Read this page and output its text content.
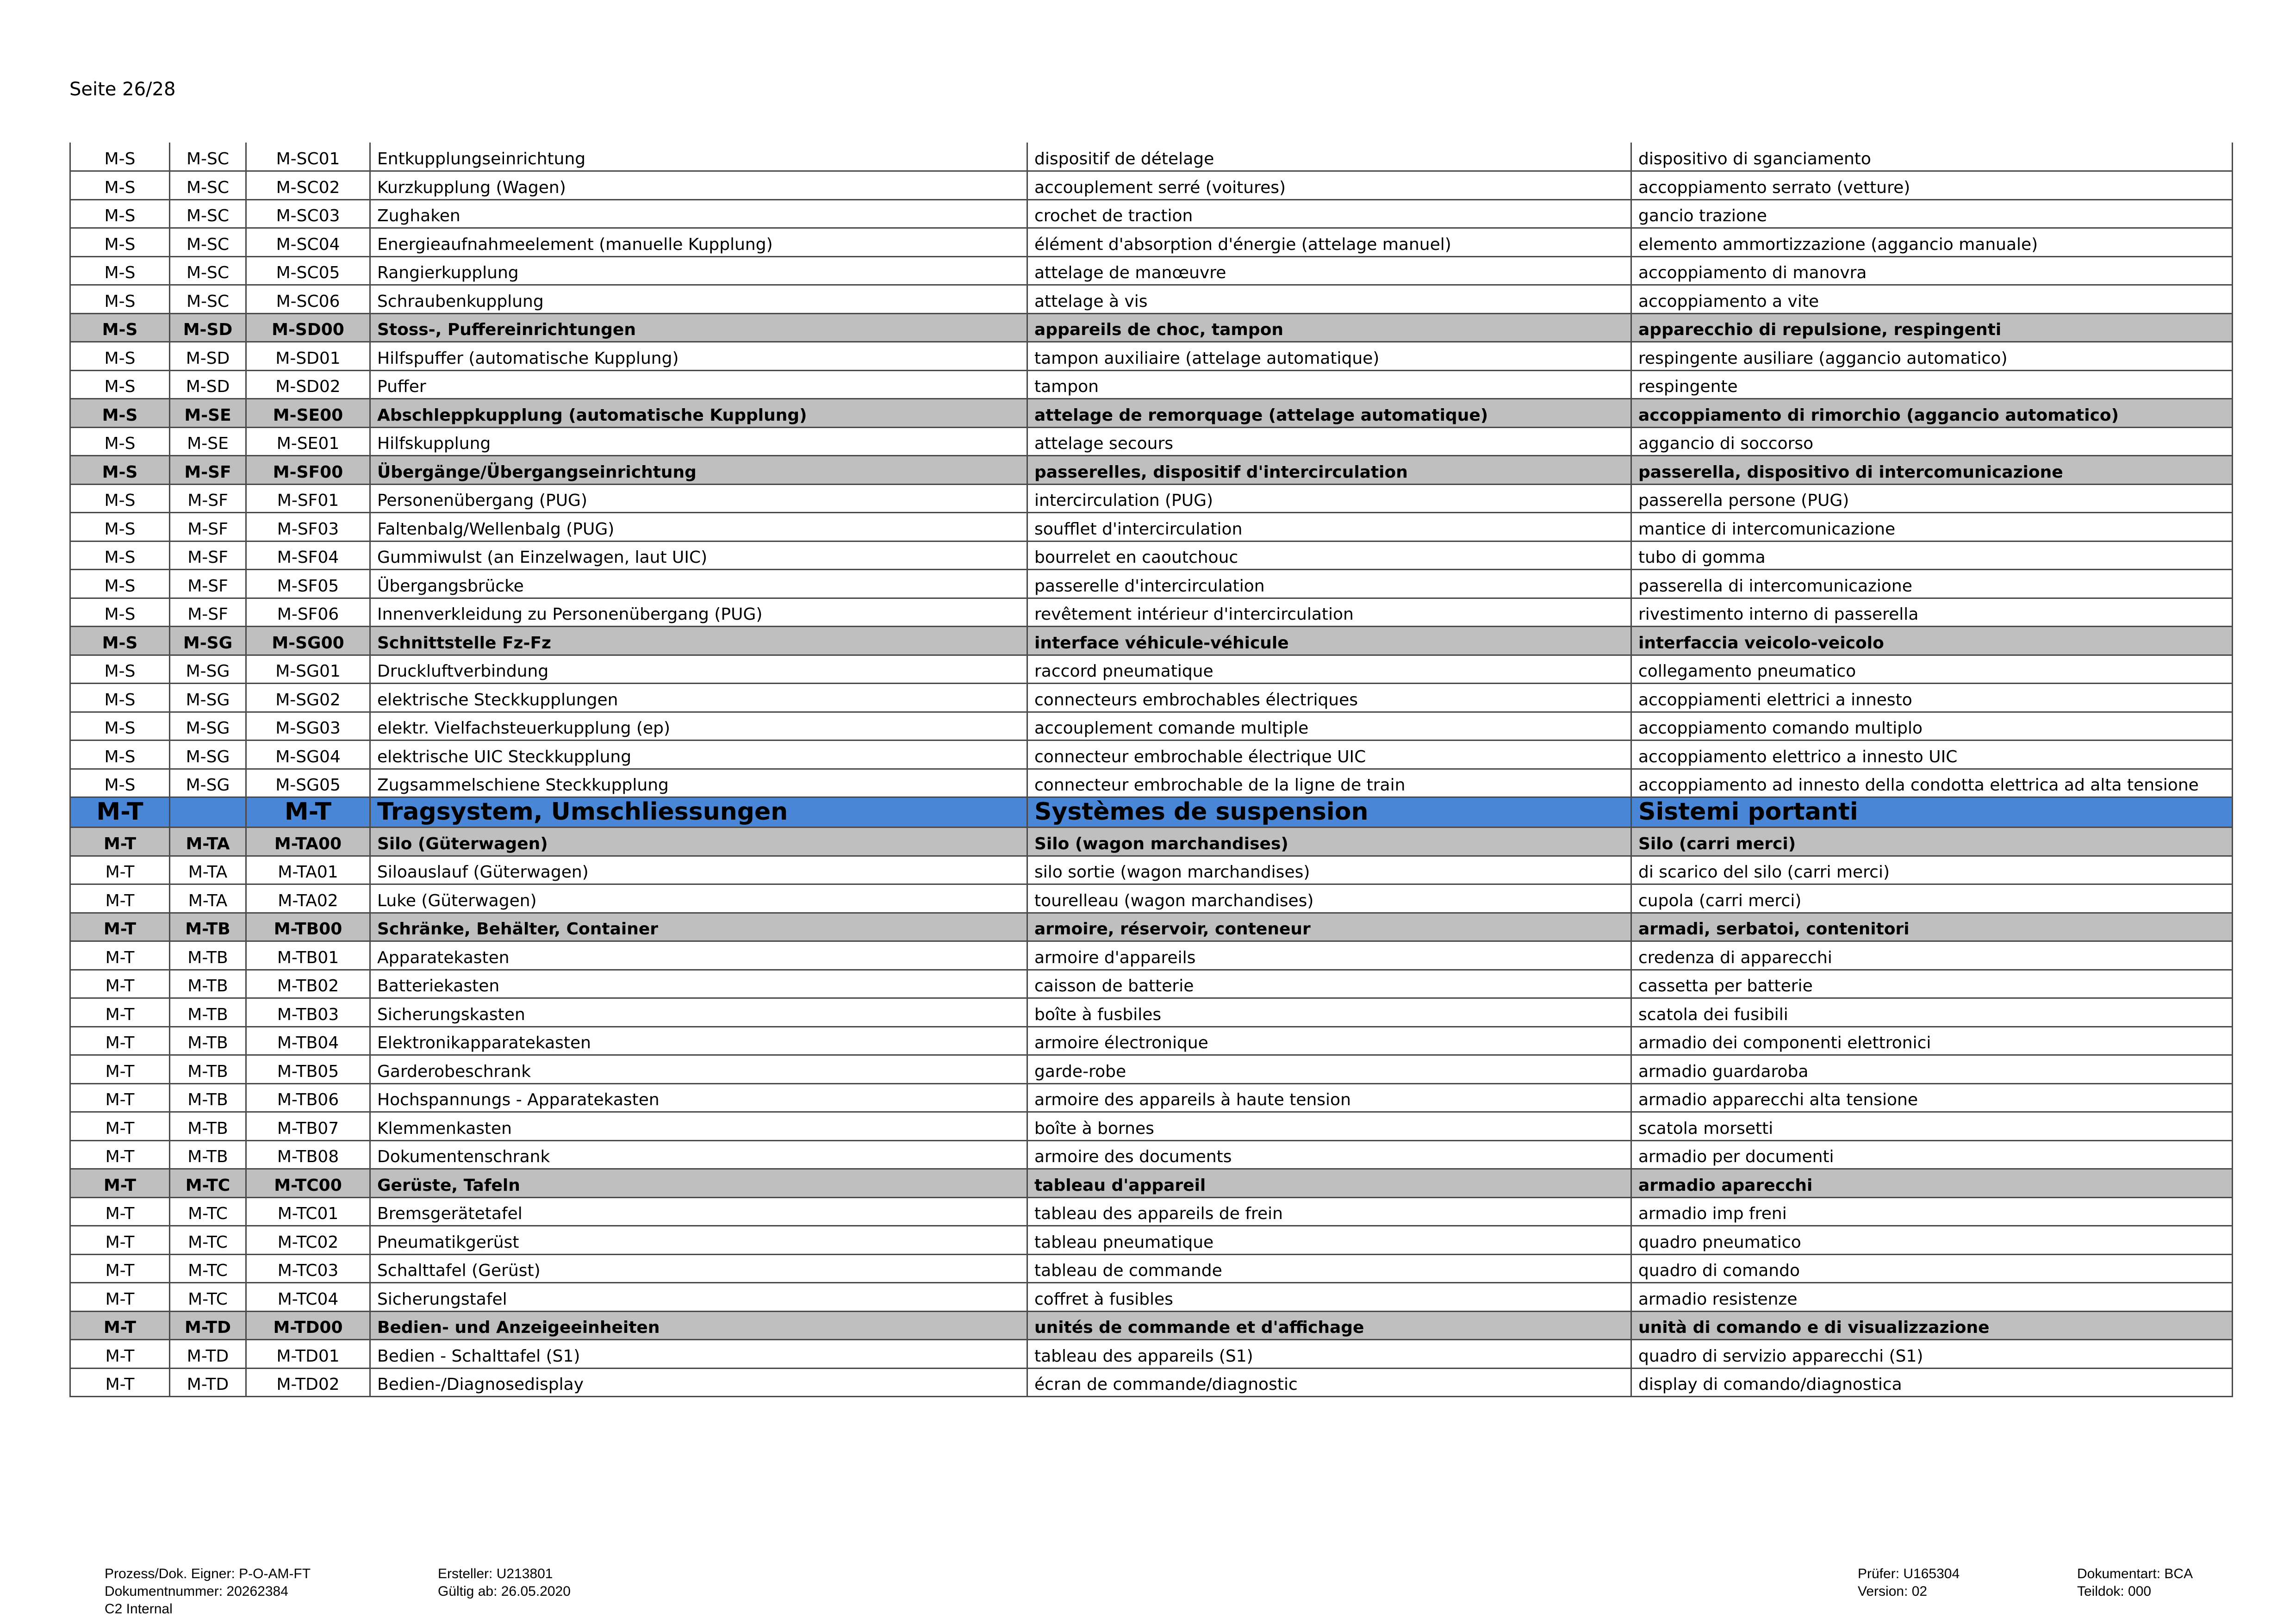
Seite 26/28
M-S	M-SC	M-SC01	Entkupplungseinrichtung	dispositif de dételage	dispositivo di sganciamento
M-S	M-SC	M-SC02	Kurzkupplung (Wagen)	accouplement serré (voitures)	accoppiamento serrato (vetture)
M-S	M-SC	M-SC03	Zughaken	crochet de traction	gancio trazione
M-S	M-SC	M-SC04	Energieaufnahmeelement (manuelle Kupplung)	élément d'absorption d'énergie (attelage manuel)	elemento ammortizzazione (aggancio manuale)
M-S	M-SC	M-SC05	Rangierkupplung	attelage de manœuvre	accoppiamento di manovra
M-S	M-SC	M-SC06	Schraubenkupplung	attelage à vis	accoppiamento a vite
M-S	M-SD	M-SD00	Stoss-, Puffereinrichtungen	appareils de choc, tampon	apparecchio di repulsione, respingenti
M-S	M-SD	M-SD01	Hilfspuffer (automatische Kupplung)	tampon auxiliaire (attelage automatique)	respingente ausiliare (aggancio automatico)
M-S	M-SD	M-SD02	Puffer	tampon	respingente
M-S	M-SE	M-SE00	Abschleppkupplung (automatische Kupplung)	attelage de remorquage (attelage automatique)	accoppiamento di rimorchio (aggancio automatico)
M-S	M-SE	M-SE01	Hilfskupplung	attelage secours	aggancio di soccorso
M-S	M-SF	M-SF00	Übergänge/Übergangseinrichtung	passerelles, dispositif d'intercirculation	passerella, dispositivo di intercomunicazione
M-S	M-SF	M-SF01	Personenübergang (PUG)	intercirculation (PUG)	passerella persone (PUG)
M-S	M-SF	M-SF03	Faltenbalg/Wellenbalg (PUG)	soufflet d'intercirculation	mantice di intercomunicazione
M-S	M-SF	M-SF04	Gummiwulst (an Einzelwagen, laut UIC)	bourrelet en caoutchouc	tubo di gomma
M-S	M-SF	M-SF05	Übergangsbrücke	passerelle d'intercirculation	passerella di intercomunicazione
M-S	M-SF	M-SF06	Innenverkleidung zu Personenübergang (PUG)	revêtement intérieur d'intercirculation	rivestimento interno di passerella
M-S	M-SG	M-SG00	Schnittstelle Fz-Fz	interface véhicule-véhicule	interfaccia veicolo-veicolo
M-S	M-SG	M-SG01	Druckluftverbindung	raccord pneumatique	collegamento pneumatico
M-S	M-SG	M-SG02	elektrische Steckkupplungen	connecteurs embrochables électriques	accoppiamenti elettrici a innesto
M-S	M-SG	M-SG03	elektr. Vielfachsteuerkupplung (ep)	accouplement comande multiple	accoppiamento comando multiplo
M-S	M-SG	M-SG04	elektrische UIC Steckkupplung	connecteur embrochable électrique UIC	accoppiamento elettrico a innesto UIC
M-S	M-SG	M-SG05	Zugsammelschiene Steckkupplung	connecteur embrochable de la ligne de train	accoppiamento ad innesto della condotta elettrica ad alta tensione
M-T		M-T	Tragsystem, Umschliessungen	Systèmes de suspension	Sistemi portanti
M-T	M-TA	M-TA00	Silo (Güterwagen)	Silo (wagon marchandises)	Silo (carri merci)
M-T	M-TA	M-TA01	Siloauslauf (Güterwagen)	silo sortie (wagon marchandises)	di scarico del silo (carri merci)
M-T	M-TA	M-TA02	Luke (Güterwagen)	tourelleau (wagon marchandises)	cupola (carri merci)
M-T	M-TB	M-TB00	Schränke, Behälter, Container	armoire, réservoir, conteneur	armadi, serbatoi, contenitori
M-T	M-TB	M-TB01	Apparatekasten	armoire d'appareils	credenza di apparecchi
M-T	M-TB	M-TB02	Batteriekasten	caisson de batterie	cassetta per batterie
M-T	M-TB	M-TB03	Sicherungskasten	boîte à fusbiles	scatola dei fusibili
M-T	M-TB	M-TB04	Elektronikapparatekasten	armoire électronique	armadio dei componenti elettronici
M-T	M-TB	M-TB05	Garderobeschrank	garde-robe	armadio guardaroba
M-T	M-TB	M-TB06	Hochspannungs - Apparatekasten	armoire des appareils à haute tension	armadio apparecchi alta tensione
M-T	M-TB	M-TB07	Klemmenkasten	boîte à bornes	scatola morsetti
M-T	M-TB	M-TB08	Dokumentenschrank	armoire des documents	armadio per documenti
M-T	M-TC	M-TC00	Gerüste, Tafeln	tableau d'appareil	armadio aparecchi
M-T	M-TC	M-TC01	Bremsgerätetafel	tableau des appareils de frein	armadio imp freni
M-T	M-TC	M-TC02	Pneumatikgerüst	tableau pneumatique	quadro pneumatico
M-T	M-TC	M-TC03	Schalttafel (Gerüst)	tableau de commande	quadro di comando
M-T	M-TC	M-TC04	Sicherungstafel	coffret à fusibles	armadio resistenze
M-T	M-TD	M-TD00	Bedien- und Anzeigeeinheiten	unités de commande et d'affichage	unità di comando e di visualizzazione
M-T	M-TD	M-TD01	Bedien - Schalttafel (S1)	tableau des appareils (S1)	quadro di servizio apparecchi (S1)
M-T	M-TD	M-TD02	Bedien-/Diagnosedisplay	écran de commande/diagnostic	display di comando/diagnostica
Prozess/Dok. Eigner: P-O-AM-FT
Dokumentnummer: 20262384
C2 Internal
Ersteller: U213801
Gültig ab: 26.05.2020
Prüfer: U165304
Version: 02
Dokumentart: BCA
Teildok: 000
